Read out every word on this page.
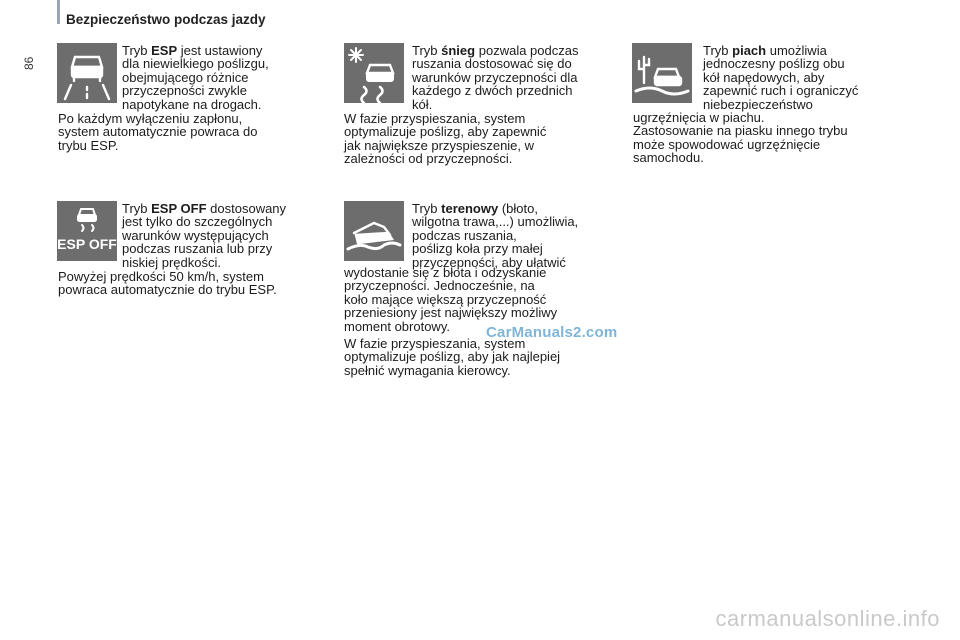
86
Bezpieczeństwo podczas jazdy

Tryb ESP jest ustawiony
dla niewielkiego poślizgu,
obejmującego różnice
przyczepności zwykle
napotykane na drogach.

Po każdym wyłączeniu zapłonu,
system automatycznie powraca do
trybu ESP.

Tryb śnieg pozwala podczas
ruszania dostosować się do
warunków przyczepności dla
każdego z dwóch przednich
kół.

W fazie przyspieszania, system
optymalizuje poślizg, aby zapewnić
jak największe przyspieszenie, w
zależności od przyczepności.

Tryb piach umożliwia
jednoczesny poślizg obu
kół napędowych, aby
zapewnić ruch i ograniczyć
niebezpieczeństwo

ugrzęźnięcia w piachu.
Zastosowanie na piasku innego trybu
może spowodować ugrzęźnięcie
samochodu.

ESP OFF

Tryb ESP OFF dostosowany
jest tylko do szczególnych
warunków występujących
podczas ruszania lub przy
niskiej prędkości.

Powyżej prędkości 50 km/h, system
powraca automatycznie do trybu ESP.

Tryb terenowy (błoto,
wilgotna trawa,...) umożliwia,
podczas ruszania,
poślizg koła przy małej
przyczepności, aby ułatwić

wydostanie się z błota i odzyskanie
przyczepności. Jednocześnie, na
koło mające większą przyczepność
przeniesiony jest największy możliwy
moment obrotowy.

W fazie przyspieszania, system
optymalizuje poślizg, aby jak najlepiej
spełnić wymagania kierowcy.

CarManuals2.com
carmanualsonline.info
